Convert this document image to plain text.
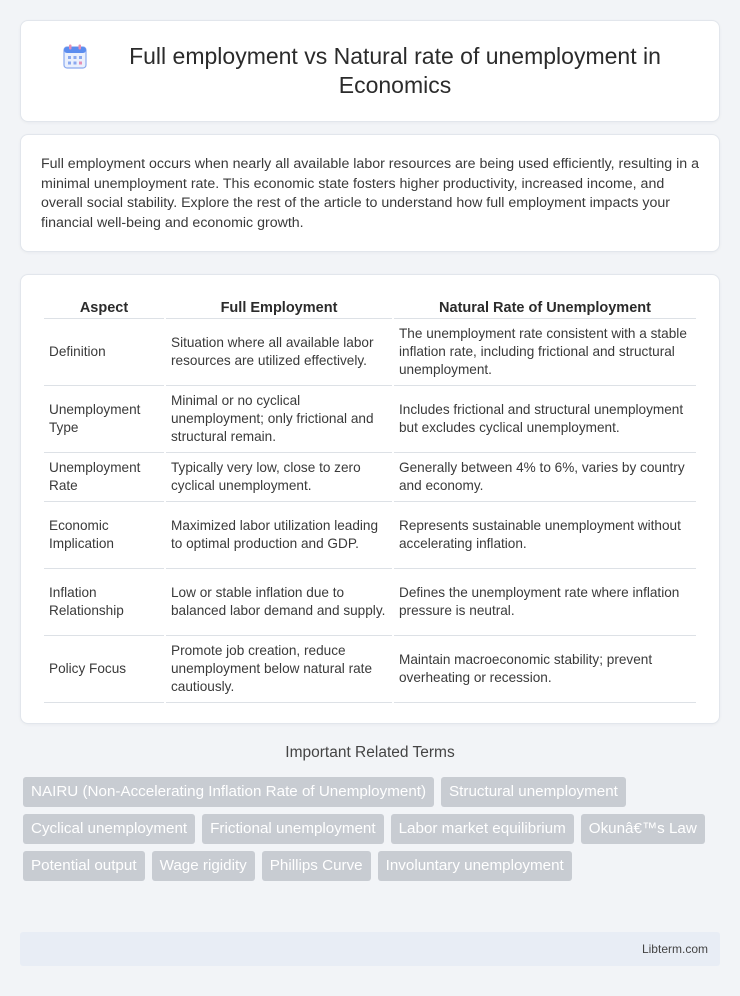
Full employment vs Natural rate of unemployment in Economics

Full employment occurs when nearly all available labor resources are being used efficiently, resulting in a minimal unemployment rate. This economic state fosters higher productivity, increased income, and overall social stability. Explore the rest of the article to understand how full employment impacts your financial well-being and economic growth.

Aspect	Full Employment	Natural Rate of Unemployment
Definition	Situation where all available labor resources are utilized effectively.	The unemployment rate consistent with a stable inflation rate, including frictional and structural unemployment.
Unemployment Type	Minimal or no cyclical unemployment; only frictional and structural remain.	Includes frictional and structural unemployment but excludes cyclical unemployment.
Unemployment Rate	Typically very low, close to zero cyclical unemployment.	Generally between 4% to 6%, varies by country and economy.
Economic Implication	Maximized labor utilization leading to optimal production and GDP.	Represents sustainable unemployment without accelerating inflation.
Inflation Relationship	Low or stable inflation due to balanced labor demand and supply.	Defines the unemployment rate where inflation pressure is neutral.
Policy Focus	Promote job creation, reduce unemployment below natural rate cautiously.	Maintain macroeconomic stability; prevent overheating or recession.
Important Related Terms
NAIRU (Non-Accelerating Inflation Rate of Unemployment)	Structural unemployment
Cyclical unemployment	Frictional unemployment	Labor market equilibrium	Okunâ€™s Law
Potential output	Wage rigidity	Phillips Curve	Involuntary unemployment
Libterm.com
